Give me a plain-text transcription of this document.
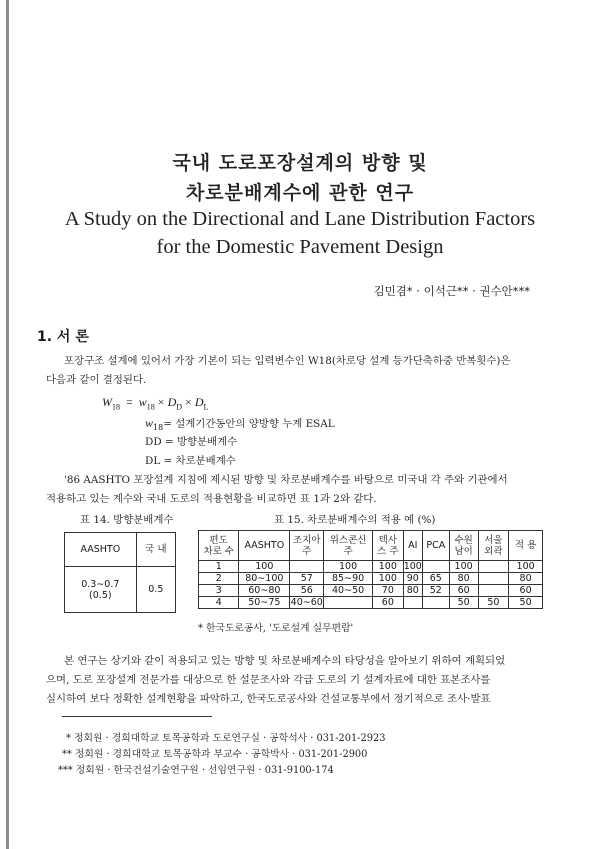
국내 도로포장설계의 방향 및
차로분배계수에 관한 연구
A Study on the Directional and Lane Distribution Factors
for the Domestic Pavement Design
김민겸* · 이석근** · 권수안***
1. 서 론
포장구조 설계에 있어서 가장 기본이 되는 입력변수인 W18(차로당 설계 등가단축하중 반복횟수)은
다음과 같이 결정된다.
$W_{18} = w_{18} \times D_D \times D_L$
$w_{18}=$ 설계기간동안의 양방향 누계 ESAL
DD = 방향분배계수
DL = 차로분배계수
'86 AASHTO 포장설계 지침에 제시된 방향 및 차로분배계수를 바탕으로 미국내 각 주와 기관에서
적용하고 있는 계수와 국내 도로의 적용현황을 비교하면 표 1과 2와 같다.
표 14. 방향분배계수
AASHTO	국 내
0.3∼0.7
(0.5)	0.5
표 15. 차로분배계수의 적용 예 (%)
편도
차로 수	AASHTO	조지아
주	위스콘신
주	텍사
스 주	AI	PCA	수원
남이	서울
외곽	적 용
1	100		100	100	100		100		100
2	80∼100	57	85∼90	100	90	65	80		80
3	60∼80	56	40∼50	70	80	52	60		60
4	50∼75	40∼60		60			50	50	50
* 한국도로공사, '도로설계 실무편람'
본 연구는 상기와 같이 적용되고 있는 방향 및 차로분배계수의 타당성을 알아보기 위하여 계획되었
으며, 도로 포장설계 전문가를 대상으로 한 설문조사와 각급 도로의 기 설계자료에 대한 표본조사를
실시하여 보다 정확한 설계현황을 파악하고, 한국도로공사와 건설교통부에서 정기적으로 조사·발표
* 정회원 · 경희대학교 토목공학과 도로연구실 · 공학석사 · 031-201-2923
** 정회원 · 경희대학교 토목공학과 부교수 · 공학박사 · 031-201-2900
*** 정회원 · 한국건설기술연구원 · 선임연구원 · 031-9100-174
